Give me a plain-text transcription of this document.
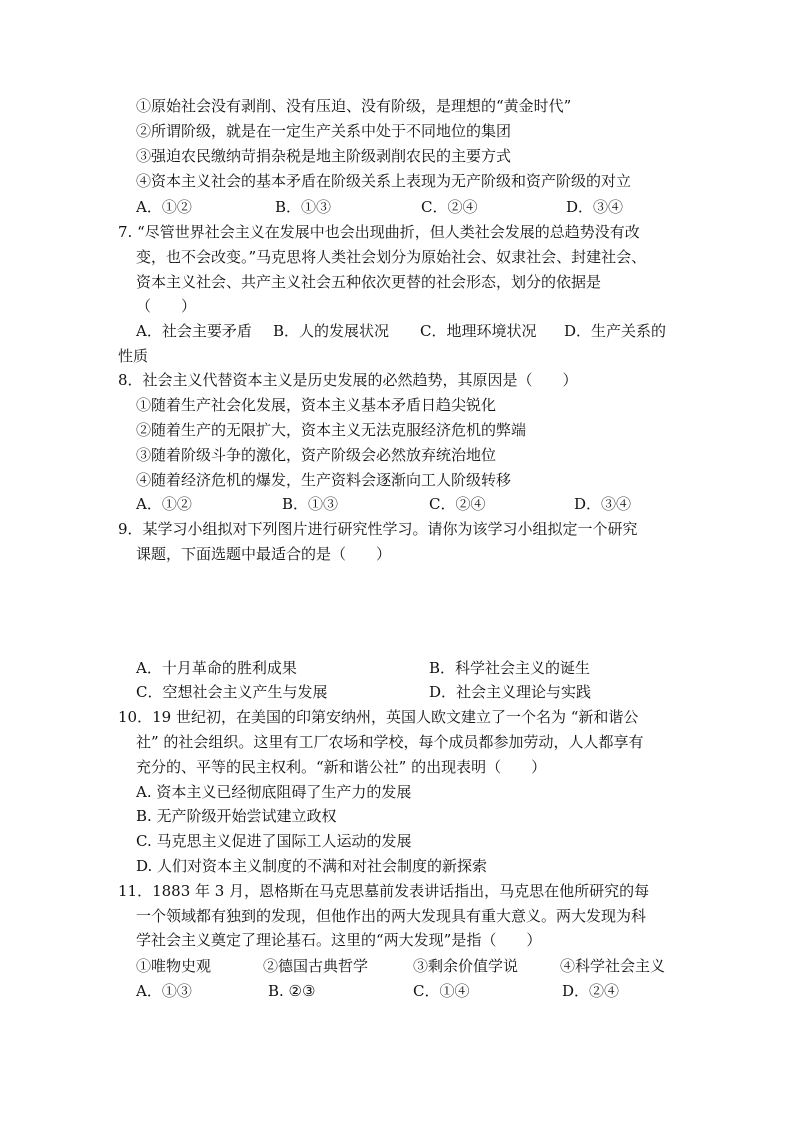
①原始社会没有剥削、没有压迫、没有阶级，是理想的“黄金时代”
②所谓阶级，就是在一定生产关系中处于不同地位的集团
③强迫农民缴纳苛捐杂税是地主阶级剥削农民的主要方式
④资本主义社会的基本矛盾在阶级关系上表现为无产阶级和资产阶级的对立
A．①②	B．①③	C．②④	D．③④
7. “尽管世界社会主义在发展中也会出现曲折，但人类社会发展的总趋势没有改
变，也不会改变。”马克思将人类社会划分为原始社会、奴隶社会、封建社会、
资本主义社会、共产主义社会五种依次更替的社会形态，划分的依据是
（　　）
A．社会主要矛盾 B．人的发展状况 C．地理环境状况 D．生产关系的
性质
8．社会主义代替资本主义是历史发展的必然趋势，其原因是（　　）
①随着生产社会化发展，资本主义基本矛盾日趋尖锐化
②随着生产的无限扩大，资本主义无法克服经济危机的弊端
③随着阶级斗争的激化，资产阶级会必然放弃统治地位
④随着经济危机的爆发，生产资料会逐渐向工人阶级转移
A．①②	B．①③	C．②④	D．③④
9．某学习小组拟对下列图片进行研究性学习。请你为该学习小组拟定一个研究
课题，下面选题中最适合的是（　　）
A．十月革命的胜利成果	B．科学社会主义的诞生
C．空想社会主义产生与发展	D．社会主义理论与实践
10．19 世纪初，在美国的印第安纳州，英国人欧文建立了一个名为 “新和谐公
社” 的社会组织。这里有工厂农场和学校，每个成员都参加劳动，人人都享有
充分的、平等的民主权利。“新和谐公社” 的出现表明（　　）
A. 资本主义已经彻底阻碍了生产力的发展
B. 无产阶级开始尝试建立政权
C. 马克思主义促进了国际工人运动的发展
D. 人们对资本主义制度的不满和对社会制度的新探索
11．1883 年 3 月，恩格斯在马克思墓前发表讲话指出，马克思在他所研究的每
一个领域都有独到的发现，但他作出的两大发现具有重大意义。两大发现为科
学社会主义奠定了理论基石。这里的“两大发现”是指（　　）
①唯物史观	②德国古典哲学	③剩余价值学说	④科学社会主义
A．①③	B. ②③	C．①④	D．②④
